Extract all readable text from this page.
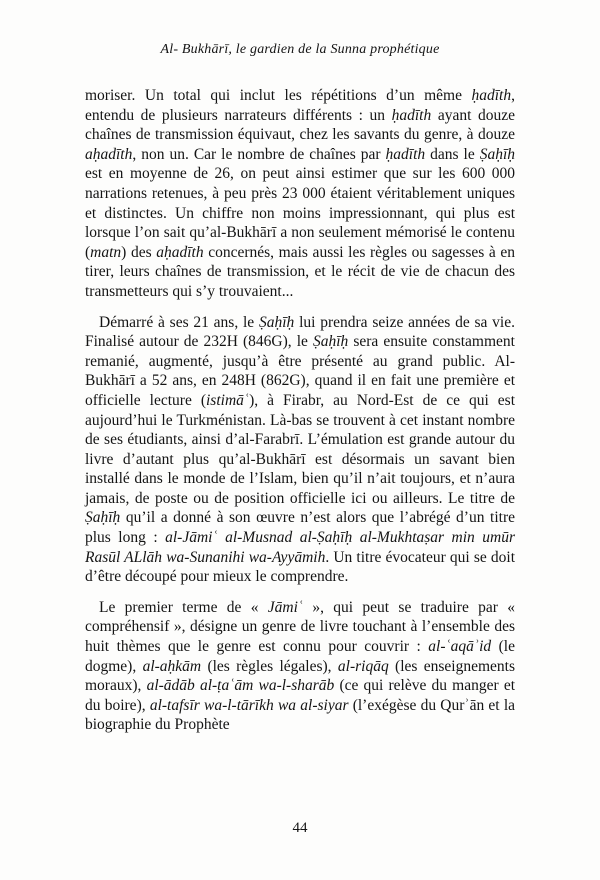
Al- Bukhārī, le gardien de la Sunna prophétique

moriser. Un total qui inclut les répétitions d’un même ḥadīth, entendu de plusieurs narrateurs différents : un ḥadīth ayant douze chaînes de transmission équivaut, chez les savants du genre, à douze aḥadīth, non un. Car le nombre de chaînes par ḥadīth dans le Ṣaḥīḥ est en moyenne de 26, on peut ainsi estimer que sur les 600 000 narrations retenues, à peu près 23 000 étaient véritablement uniques et distinctes. Un chiffre non moins impressionnant, qui plus est lorsque l’on sait qu’al-Bukhārī a non seulement mémorisé le contenu (matn) des aḥadīth concernés, mais aussi les règles ou sagesses à en tirer, leurs chaînes de transmission, et le récit de vie de chacun des transmetteurs qui s’y trouvaient...

Démarré à ses 21 ans, le Ṣaḥīḥ lui prendra seize années de sa vie. Finalisé autour de 232H (846G), le Ṣaḥīḥ sera ensuite constamment remanié, augmenté, jusqu’à être présenté au grand public. Al-Bukhārī a 52 ans, en 248H (862G), quand il en fait une première et officielle lecture (istimāʿ), à Firabr, au Nord-Est de ce qui est aujourd’hui le Turkménistan. Là-bas se trouvent à cet instant nombre de ses étudiants, ainsi d’al-Farabrī. L’émulation est grande autour du livre d’autant plus qu’al-Bukhārī est désormais un savant bien installé dans le monde de l’Islam, bien qu’il n’ait toujours, et n’aura jamais, de poste ou de position officielle ici ou ailleurs. Le titre de Ṣaḥīḥ qu’il a donné à son œuvre n’est alors que l’abrégé d’un titre plus long : al-Jāmiʿ al-Musnad al-Ṣaḥīḥ al-Mukhtaṣar min umūr Rasūl ALlāh wa-Sunanihi wa-Ayyāmih. Un titre évocateur qui se doit d’être découpé pour mieux le comprendre.

Le premier terme de « Jāmiʿ », qui peut se traduire par « compréhensif », désigne un genre de livre touchant à l’ensemble des huit thèmes que le genre est connu pour couvrir : al-ʿaqāʾid (le dogme), al-aḥkām (les règles légales), al-riqāq (les enseignements moraux), al-ādāb al-ṭaʿām wa-l-sharāb (ce qui relève du manger et du boire), al-tafsīr wa-l-tārīkh wa al-siyar (l’exégèse du Qurʾān et la biographie du Prophète

44
